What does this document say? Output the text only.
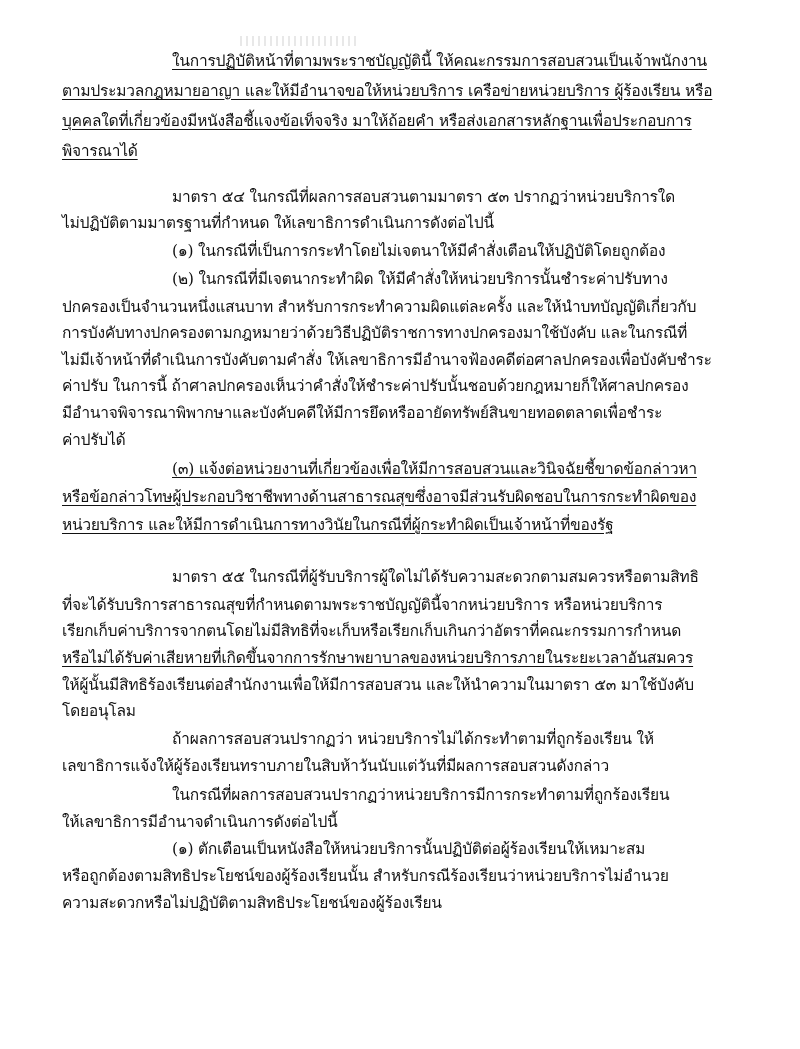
ในการปฏิบัติหน้าที่ตามพระราชบัญญัตินี้ ให้คณะกรรมการสอบสวนเป็นเจ้าพนักงาน
ตามประมวลกฎหมายอาญา และให้มีอำนาจขอให้หน่วยบริการ เครือข่ายหน่วยบริการ ผู้ร้องเรียน หรือ
บุคคลใดที่เกี่ยวข้องมีหนังสือชี้แจงข้อเท็จจริง มาให้ถ้อยคำ หรือส่งเอกสารหลักฐานเพื่อประกอบการ
พิจารณาได้
มาตรา ๕๔ ในกรณีที่ผลการสอบสวนตามมาตรา ๕๓ ปรากฏว่าหน่วยบริการใด
ไม่ปฏิบัติตามมาตรฐานที่กำหนด ให้เลขาธิการดำเนินการดังต่อไปนี้
(๑) ในกรณีที่เป็นการกระทำโดยไม่เจตนาให้มีคำสั่งเตือนให้ปฏิบัติโดยถูกต้อง
(๒) ในกรณีที่มีเจตนากระทำผิด ให้มีคำสั่งให้หน่วยบริการนั้นชำระค่าปรับทาง
ปกครองเป็นจำนวนหนึ่งแสนบาท สำหรับการกระทำความผิดแต่ละครั้ง และให้นำบทบัญญัติเกี่ยวกับ
การบังคับทางปกครองตามกฎหมายว่าด้วยวิธีปฏิบัติราชการทางปกครองมาใช้บังคับ และในกรณีที่
ไม่มีเจ้าหน้าที่ดำเนินการบังคับตามคำสั่ง ให้เลขาธิการมีอำนาจฟ้องคดีต่อศาลปกครองเพื่อบังคับชำระ
ค่าปรับ ในการนี้ ถ้าศาลปกครองเห็นว่าคำสั่งให้ชำระค่าปรับนั้นชอบด้วยกฎหมายก็ให้ศาลปกครอง
มีอำนาจพิจารณาพิพากษาและบังคับคดีให้มีการยึดหรืออายัดทรัพย์สินขายทอดตลาดเพื่อชำระ
ค่าปรับได้
(๓) แจ้งต่อหน่วยงานที่เกี่ยวข้องเพื่อให้มีการสอบสวนและวินิจฉัยชี้ขาดข้อกล่าวหา
หรือข้อกล่าวโทษผู้ประกอบวิชาชีพทางด้านสาธารณสุขซึ่งอาจมีส่วนรับผิดชอบในการกระทำผิดของ
หน่วยบริการ และให้มีการดำเนินการทางวินัยในกรณีที่ผู้กระทำผิดเป็นเจ้าหน้าที่ของรัฐ
มาตรา ๕๕ ในกรณีที่ผู้รับบริการผู้ใดไม่ได้รับความสะดวกตามสมควรหรือตามสิทธิ
ที่จะได้รับบริการสาธารณสุขที่กำหนดตามพระราชบัญญัตินี้จากหน่วยบริการ หรือหน่วยบริการ
เรียกเก็บค่าบริการจากตนโดยไม่มีสิทธิที่จะเก็บหรือเรียกเก็บเกินกว่าอัตราที่คณะกรรมการกำหนด
หรือไม่ได้รับค่าเสียหายที่เกิดขึ้นจากการรักษาพยาบาลของหน่วยบริการภายในระยะเวลาอันสมควร
ให้ผู้นั้นมีสิทธิร้องเรียนต่อสำนักงานเพื่อให้มีการสอบสวน และให้นำความในมาตรา ๕๓ มาใช้บังคับ
โดยอนุโลม
ถ้าผลการสอบสวนปรากฏว่า หน่วยบริการไม่ได้กระทำตามที่ถูกร้องเรียน ให้
เลขาธิการแจ้งให้ผู้ร้องเรียนทราบภายในสิบห้าวันนับแต่วันที่มีผลการสอบสวนดังกล่าว
ในกรณีที่ผลการสอบสวนปรากฏว่าหน่วยบริการมีการกระทำตามที่ถูกร้องเรียน
ให้เลขาธิการมีอำนาจดำเนินการดังต่อไปนี้
(๑) ตักเตือนเป็นหนังสือให้หน่วยบริการนั้นปฏิบัติต่อผู้ร้องเรียนให้เหมาะสม
หรือถูกต้องตามสิทธิประโยชน์ของผู้ร้องเรียนนั้น สำหรับกรณีร้องเรียนว่าหน่วยบริการไม่อำนวย
ความสะดวกหรือไม่ปฏิบัติตามสิทธิประโยชน์ของผู้ร้องเรียน
